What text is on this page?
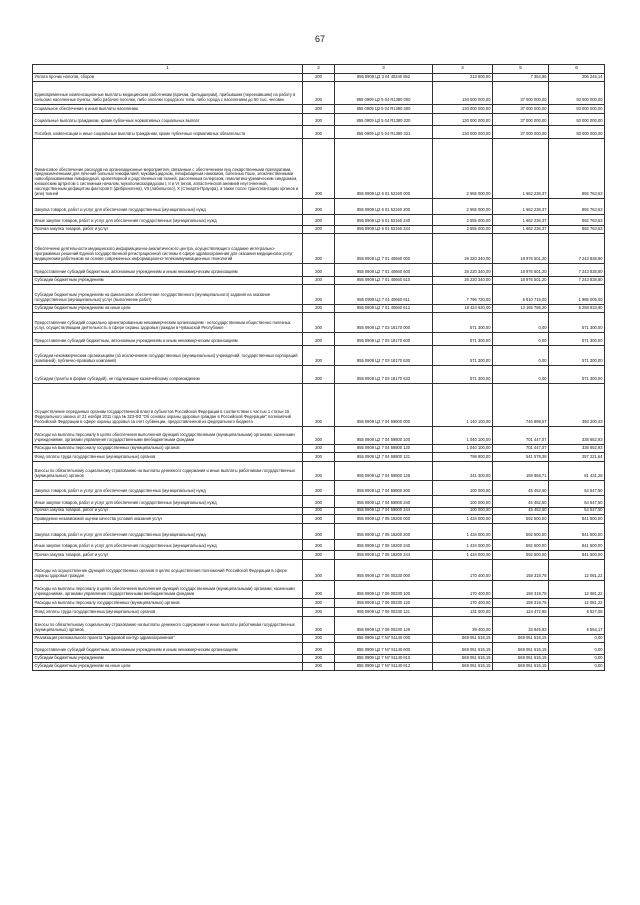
67
1	2	3	4	5	6
Уплата прочих налогов, сборов	200	855 0909 Ц2 3 04 40240 852	213 600,00	7 354,86	206 245,14
Единовременные компенсационные выплаты медицинским работникам (врачам, фельдшерам), прибывшим (переехавшим) на работу в сельские населенные пункты, либо рабочие поселки, либо поселки городского типа, либо города с населением до 50 тыс. человек	200	855 0909 Ц2 5 04 R1380 000	130 000 000,00	37 000 000,00	93 000 000,00
Социальное обеспечение и иные выплаты населению	200	855 0909 Ц2 5 04 R1380 300	130 000 000,00	37 000 000,00	93 000 000,00
Социальные выплаты гражданам, кроме публичных нормативных социальных выплат	200	855 0909 Ц2 5 04 R1380 320	130 000 000,00	37 000 000,00	93 000 000,00
Пособия, компенсации и иные социальные выплаты гражданам, кроме публичных нормативных обязательств	200	855 0909 Ц2 5 04 R1380 321	130 000 000,00	37 000 000,00	93 000 000,00
Финансовое обеспечение расходов на организационные мероприятия, связанные с обеспечением лиц лекарственными препаратами, предназначенными для лечения больных гемофилией, муковисцидозом, гипофизарным нанизмом, болезнью Гоше, злокачественными новообразованиями лимфоидной, кроветворной и родственных им тканей, рассеянным склерозом, гемолитико-уремическим синдромом, юношеским артритом с системным началом, мукополисахаридозом I, II и VI типов, апластической анемией неуточненной, наследственным дефицитом факторов II (фибриногена), VII (лабильного), X (Стюарта-Прауэра), а также после трансплантации органов и (или) тканей	200	855 0909 Ц2 6 01 52160 000	2 555 000,00	1 662 236,37	892 763,63
Закупка товаров, работ и услуг для обеспечения государственных (муниципальных) нужд	200	855 0909 Ц2 6 01 52160 200	2 555 000,00	1 662 236,37	892 763,63
Иные закупки товаров, работ и услуг для обеспечения государственных (муниципальных) нужд	200	855 0909 Ц2 6 01 52160 240	2 555 000,00	1 662 236,37	892 763,63
Прочая закупка товаров, работ и услуг	200	855 0909 Ц2 6 01 52160 244	2 555 000,00	1 662 236,37	892 763,63
Обеспечение деятельности медицинского информационно-аналитического центра, осуществляющего создание интегрально-программных решений Единой государственной регистрационной системы в сфере здравоохранения для оказания медицинских услуг медицинским работником на основе современных информационно-телекоммуникационных технологий	200	855 0909 Ц2 7 01 40660 000	26 220 340,00	18 976 501,20	7 243 838,80
Предоставление субсидий бюджетным, автономным учреждениям и иным некоммерческим организациям	200	855 0909 Ц2 7 01 40660 600	26 220 340,00	18 976 501,20	7 243 838,80
Субсидии бюджетным учреждениям	200	855 0909 Ц2 7 01 40660 610	26 220 340,00	18 976 501,20	7 243 838,80
Субсидии бюджетным учреждениям на финансовое обеспечение государственного (муниципального) задания на оказание государственных (муниципальных) услуг (выполнение работ)	200	855 0909 Ц2 7 01 40660 611	7 796 720,00	5 810 715,00	1 985 005,00
Субсидии бюджетным учреждениям на иные цели	200	855 0909 Ц2 7 01 40660 612	18 424 620,00	13 165 786,20	5 258 833,80
Предоставление субсидий социально ориентированным некоммерческим организациям - негосударственным общественно полезных услуг, осуществляющим деятельность в сфере охраны здоровья граждан в Чувашской Республике	200	855 0909 Ц2 7 03 18170 000	571 300,00	0,00	571 300,00
Предоставление субсидий бюджетным, автономным учреждениям и иным некоммерческим организациям	200	855 0909 Ц2 7 03 18170 600	571 300,00	0,00	571 300,00
Субсидии некоммерческим организациям (за исключением государственных (муниципальных) учреждений, государственных корпораций (компаний), публично-правовых компаний)	200	855 0909 Ц2 7 03 18170 630	571 300,00	0,00	571 300,00
Субсидии (гранты в форме субсидий), не подлежащие казначейскому сопровождению	200	855 0909 Ц2 7 03 18170 633	571 300,00	0,00	571 300,00
Осуществление переданных органам государственной власти субъектов Российской Федерации в соответствии с частью 1 статьи 15 Федерального закона от 21 ноября 2011 года № 323-ФЗ "Об основах охраны здоровья граждан в Российской Федерации" полномочий Российской Федерации в сфере охраны здоровья за счет субвенции, предоставленной из федерального бюджета	200	855 0909 Ц2 7 04 59800 000	1 140 100,00	746 899,57	393 200,43
Расходы на выплаты персоналу в целях обеспечения выполнения функций государственными (муниципальными) органами, казенными учреждениями, органами управления государственными внебюджетными фондами	200	855 0909 Ц2 7 04 59800 100	1 040 100,00	701 447,07	338 652,93
Расходы на выплаты персоналу государственных (муниципальных) органов	200	855 0909 Ц2 7 04 59800 120	1 040 100,00	701 447,07	338 652,93
Фонд оплаты труда государственных (муниципальных) органов	200	855 0909 Ц2 7 04 59800 121	798 800,00	541 578,38	257 221,64
Взносы по обязательному социальному страхованию на выплаты денежного содержания и иные выплаты работникам государственных (муниципальных) органов	200	855 0909 Ц2 7 04 59800 129	241 300,00	159 868,71	81 431,29
Закупка товаров, работ и услуг для обеспечения государственных (муниципальных) нужд	200	855 0909 Ц2 7 04 59800 200	100 000,00	45 452,50	54 547,50
Иные закупки товаров, работ и услуг для обеспечения государственных (муниципальных) нужд	200	855 0909 Ц2 7 04 59800 240	100 000,00	45 452,50	54 547,50
Прочая закупка товаров, работ и услуг	200	855 0909 Ц2 7 04 59800 244	100 000,00	45 452,50	54 547,50
Проведение независимой оценки качества условий оказания услуг	200	855 0909 Ц2 7 05 18200 000	1 434 000,00	592 500,00	841 500,00
Закупка товаров, работ и услуг для обеспечения государственных (муниципальных) нужд	200	855 0909 Ц2 7 05 18200 200	1 434 000,00	592 500,00	841 500,00
Иные закупки товаров, работ и услуг для обеспечения государственных (муниципальных) нужд	200	855 0909 Ц2 7 05 18200 240	1 434 000,00	592 500,00	841 500,00
Прочая закупка товаров, работ и услуг	200	855 0909 Ц2 7 05 18200 244	1 434 000,00	592 500,00	841 500,00
Расходы на осуществление функций государственных органов в целях осуществления полномочий Российской Федерации в сфере охраны здоровья граждан	200	855 0909 Ц2 7 06 00230 000	170 400,00	158 318,78	12 081,22
Расходы на выплаты персоналу в целях обеспечения выполнения функций государственными (муниципальными) органами, казенными учреждениями, органами управления государственными внебюджетными фондами	200	855 0909 Ц2 7 06 00230 100	170 400,00	158 318,78	12 081,22
Расходы на выплаты персоналу государственных (муниципальных) органов	200	855 0909 Ц2 7 06 00230 120	170 400,00	158 318,78	12 081,22
Фонд оплаты труда государственных (муниципальных) органов	200	855 0909 Ц2 7 06 00230 121	131 000,00	124 472,95	6 527,05
Взносы по обязательному социальному страхованию на выплаты денежного содержания и иные выплаты работникам государственных (муниципальных) органов	200	855 0909 Ц2 7 06 00230 129	39 400,00	33 845,83	5 554,17
Реализация регионального проекта "Цифровой контур здравоохранения"	200	855 0909 Ц2 7 N7 51140 000	569 051 515,15	569 051 515,15	0,00
Предоставление субсидий бюджетным, автономным учреждениям и иным некоммерческим организациям	200	855 0909 Ц2 7 N7 51140 600	569 051 515,15	569 051 515,15	0,00
Субсидии бюджетным учреждениям	200	855 0909 Ц2 7 N7 51140 610	569 051 515,15	569 051 515,15	0,00
Субсидии бюджетным учреждениям на иные цели	200	855 0909 Ц2 7 N7 51140 612	569 051 515,15	569 051 515,15	0,00
